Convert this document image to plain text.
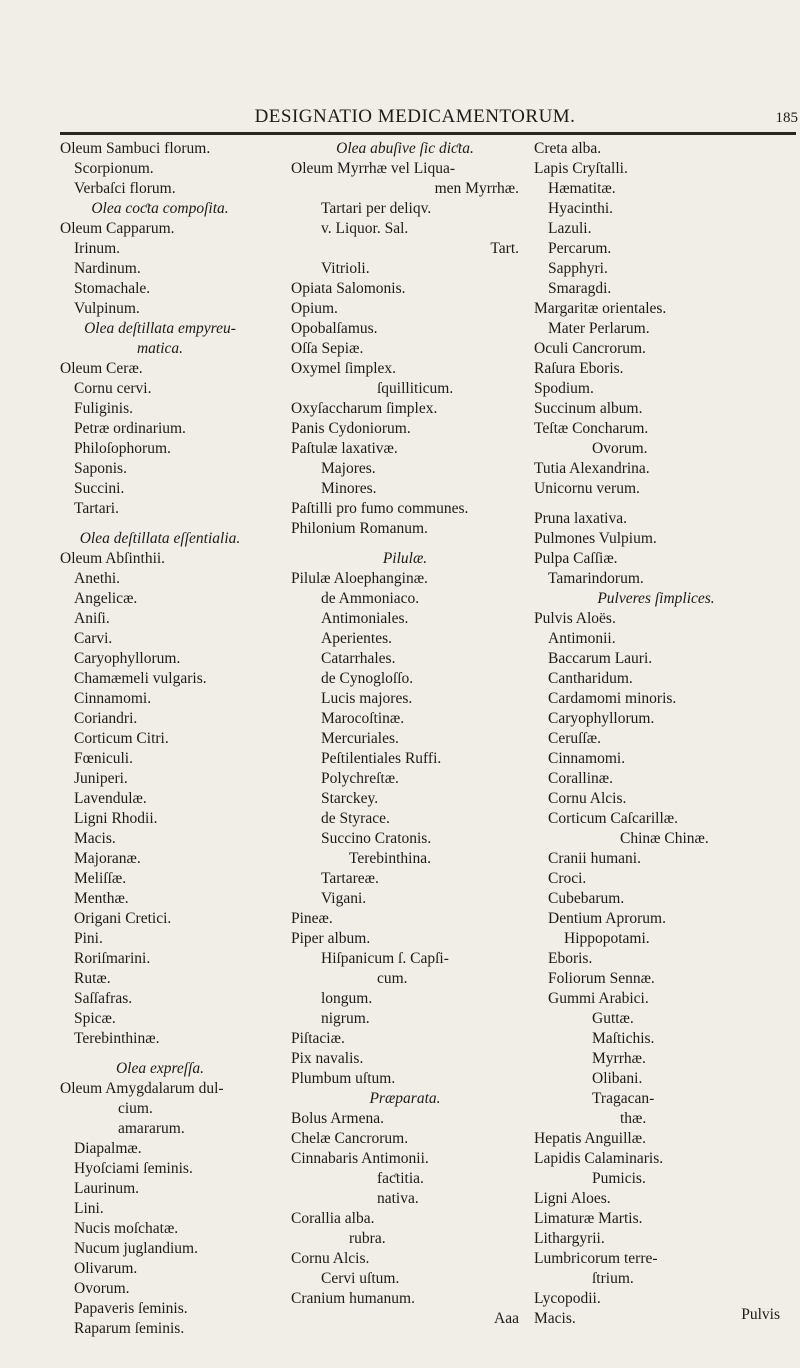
DESIGNATIO MEDICAMENTORUM.	185
Oleum Sambuci florum.
Scorpionum.
Verbaſci florum.
Olea coƈta compoſita.
Oleum Capparum.
Irinum.
Nardinum.
Stomachale.
Vulpinum.
Olea deſtillata empyreu-
matica.
Oleum Ceræ.
Cornu cervi.
Fuliginis.
Petræ ordinarium.
Philoſophorum.
Saponis.
Succini.
Tartari.
Olea deſtillata eſſentialia.
Oleum Abſinthii.
Anethi.
Angelicæ.
Aniſi.
Carvi.
Caryophyllorum.
Chamæmeli vulgaris.
Cinnamomi.
Coriandri.
Corticum Citri.
Fœniculi.
Juniperi.
Lavendulæ.
Ligni Rhodii.
Macis.
Majoranæ.
Meliſſæ.
Menthæ.
Origani Cretici.
Pini.
Roriſmarini.
Rutæ.
Saſſafras.
Spicæ.
Terebinthinæ.
Olea expreſſa.
Oleum Amygdalarum dul-
cium.
amararum.
Diapalmæ.
Hyoſciami ſeminis.
Laurinum.
Lini.
Nucis moſchatæ.
Nucum juglandium.
Olivarum.
Ovorum.
Papaveris ſeminis.
Raparum ſeminis.
Olea abuſive ſic diƈta.
Oleum Myrrhæ vel Liqua-
men Myrrhæ.
Tartari per deliqv.
v. Liquor. Sal.
Tart.
Vitrioli.
Opiata Salomonis.
Opium.
Opobalſamus.
Oſſa Sepiæ.
Oxymel ſimplex.
ſquilliticum.
Oxyſaccharum ſimplex.
Panis Cydoniorum.
Paſtulæ laxativæ.
Majores.
Minores.
Paſtilli pro fumo communes.
Philonium Romanum.
Pilulæ.
Pilulæ Aloephanginæ.
de Ammoniaco.
Antimoniales.
Aperientes.
Catarrhales.
de Cynogloſſo.
Lucis majores.
Marocoſtinæ.
Mercuriales.
Peſtilentiales Ruffi.
Polychreſtæ.
Starckey.
de Styrace.
Succino Cratonis.
Terebinthina.
Tartareæ.
Vigani.
Pineæ.
Piper album.
Hiſpanicum ſ. Capſi-
cum.
longum.
nigrum.
Piſtaciæ.
Pix navalis.
Plumbum uſtum.
Præparata.
Bolus Armena.
Chelæ Cancrorum.
Cinnabaris Antimonii.
faƈtitia.
nativa.
Corallia alba.
rubra.
Cornu Alcis.
Cervi uſtum.
Cranium humanum.
Aaa
Creta alba.
Lapis Cryſtalli.
Hæmatitæ.
Hyacinthi.
Lazuli.
Percarum.
Sapphyri.
Smaragdi.
Margaritæ orientales.
Mater Perlarum.
Oculi Cancrorum.
Raſura Eboris.
Spodium.
Succinum album.
Teſtæ Concharum.
Ovorum.
Tutia Alexandrina.
Unicornu verum.
Pruna laxativa.
Pulmones Vulpium.
Pulpa Caſſiæ.
Tamarindorum.
Pulveres ſimplices.
Pulvis Aloës.
Antimonii.
Baccarum Lauri.
Cantharidum.
Cardamomi minoris.
Caryophyllorum.
Ceruſſæ.
Cinnamomi.
Corallinæ.
Cornu Alcis.
Corticum Caſcarillæ.
Chinæ Chinæ.
Cranii humani.
Croci.
Cubebarum.
Dentium Aprorum.
Hippopotami.
Eboris.
Foliorum Sennæ.
Gummi Arabici.
Guttæ.
Maſtichis.
Myrrhæ.
Olibani.
Tragacan-
thæ.
Hepatis Anguillæ.
Lapidis Calaminaris.
Pumicis.
Ligni Aloes.
Limaturæ Martis.
Lithargyrii.
Lumbricorum terre-
ſtrium.
Lycopodii.
Macis.	Pulvis
